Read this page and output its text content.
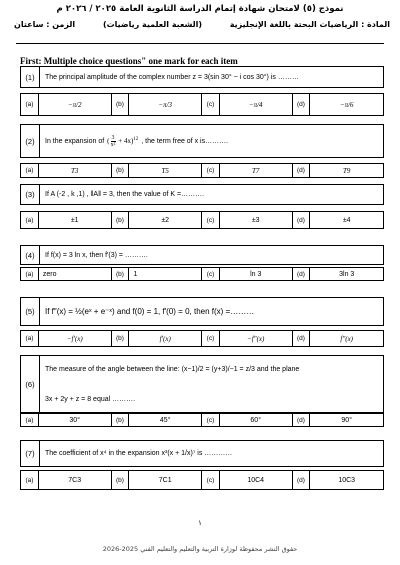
نموذج (٥) لامتحان شهادة إتمام الدراسة الثانوية العامة ٢٠٢٥ / ٢٠٢٦ م
المادة : الرياضيات البحتة باللغة الإنجليزية
(الشعبة العلمية رياضيات)
الزمن : ساعتان
First: Multiple choice questions" one mark for each item
(1)	The principal amplitude of the complex number z = 3(sin 30° − i cos 30°) is ………
(a)	−π/2	(b)	−π/3	(c)	−π/4	(d)	−π/6
(2)	In the expansion of ( $\frac{3}{\text{x²}} + 4x)^{12}$ , the term free of x is……….
(a)	T3	(b)	T5	(c)	T7	(d)	T9
(3)	If A (-2 , k ,1) , ‖A‖ = 3, then the value of K =……….
(a)	±1	(b)	±2	(c)	±3	(d)	±4
(4)	If f(x) = 3 ln x, then f′(3) = ……….
(a)	zero	(b)	1	(c)	ln 3	(d)	3ln 3
(5)	If f″(x) = ½(eˣ + e⁻ˣ) and f(0) = 1, f′(0) = 0, then f(x) =………
(a)	−f′(x)	(b)	f′(x)	(c)	−f″(x)	(d)	f″(x)
(6)
The measure of the angle between the line: (x−1)/2 = (y+3)/−1 = z/3 and the plane
3x + 2y + z = 8 equal ……….
(a)	30°	(b)	45°	(c)	60°	(d)	90°
(7)	The coefficient of x⁴ in the expansion x³(x + 1/x)⁷ is …………
(a)	7C3	(b)	7C1	(c)	10C4	(d)	10C3
١
حقوق النشر محفوظة لوزارة التربية والتعليم والتعليم الفني 2025-2026
